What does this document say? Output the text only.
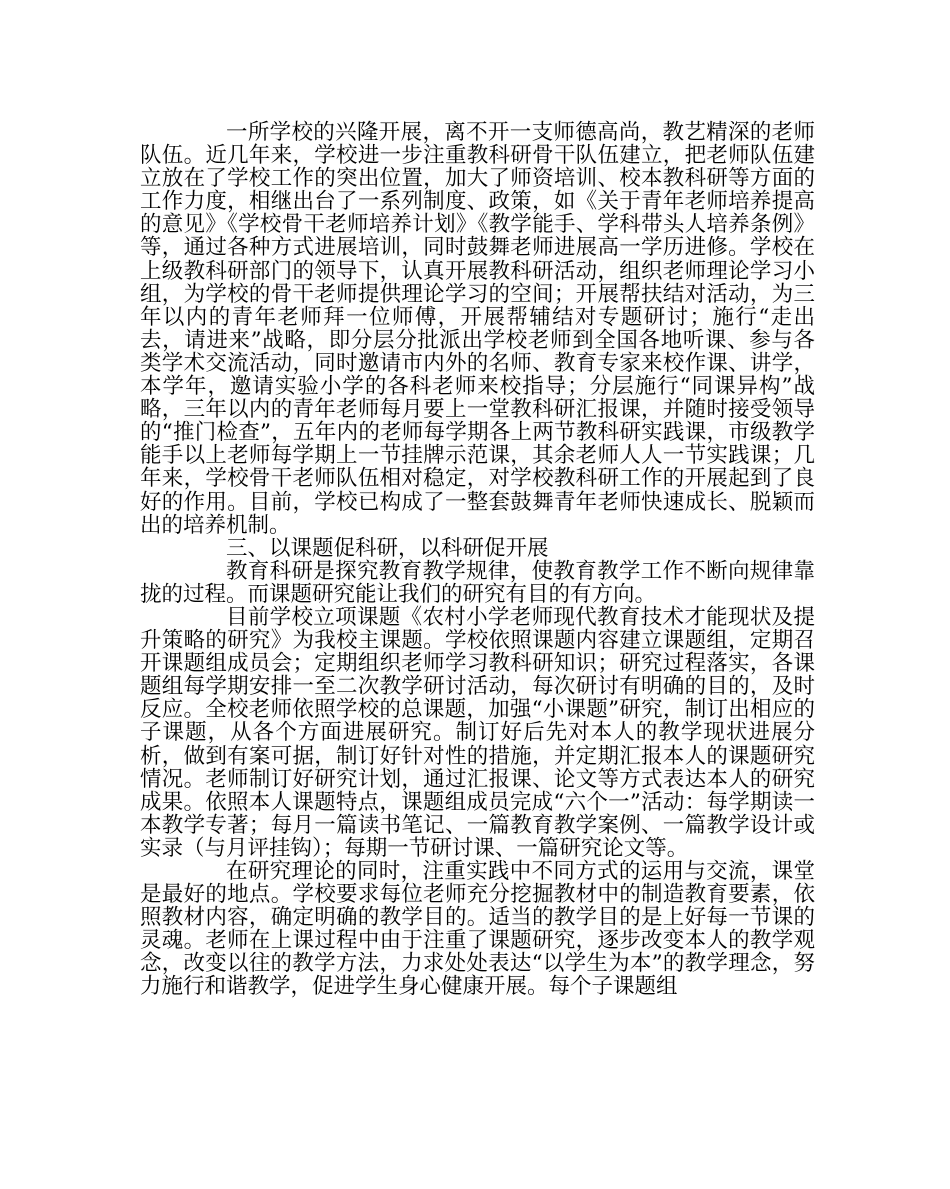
一所学校的兴隆开展，离不开一支师德高尚，教艺精深的老师队伍。近几年来，学校进一步注重教科研骨干队伍建立，把老师队伍建立放在了学校工作的突出位置，加大了师资培训、校本教科研等方面的工作力度，相继出台了一系列制度、政策，如《关于青年老师培养提高的意见》《学校骨干老师培养计划》《教学能手、学科带头人培养条例》等，通过各种方式进展培训，同时鼓舞老师进展高一学历进修。学校在上级教科研部门的领导下，认真开展教科研活动，组织老师理论学习小组，为学校的骨干老师提供理论学习的空间；开展帮扶结对活动，为三年以内的青年老师拜一位师傅，开展帮辅结对专题研讨；施行“走出去，请进来”战略，即分层分批派出学校老师到全国各地听课、参与各类学术交流活动，同时邀请市内外的名师、教育专家来校作课、讲学，本学年，邀请实验小学的各科老师来校指导；分层施行“同课异构”战略，三年以内的青年老师每月要上一堂教科研汇报课，并随时接受领导的“推门检查”，五年内的老师每学期各上两节教科研实践课，市级教学能手以上老师每学期上一节挂牌示范课，其余老师人人一节实践课；几年来，学校骨干老师队伍相对稳定，对学校教科研工作的开展起到了良好的作用。目前，学校已构成了一整套鼓舞青年老师快速成长、脱颖而出的培养机制。

三、以课题促科研，以科研促开展

教育科研是探究教育教学规律，使教育教学工作不断向规律靠拢的过程。而课题研究能让我们的研究有目的有方向。

目前学校立项课题《农村小学老师现代教育技术才能现状及提升策略的研究》为我校主课题。学校依照课题内容建立课题组，定期召开课题组成员会；定期组织老师学习教科研知识；研究过程落实，各课题组每学期安排一至二次教学研讨活动，每次研讨有明确的目的，及时反应。全校老师依照学校的总课题，加强“小课题”研究，制订出相应的子课题，从各个方面进展研究。制订好后先对本人的教学现状进展分析，做到有案可据，制订好针对性的措施，并定期汇报本人的课题研究情况。老师制订好研究计划，通过汇报课、论文等方式表达本人的研究成果。依照本人课题特点，课题组成员完成“六个一”活动：每学期读一本教学专著；每月一篇读书笔记、一篇教育教学案例、一篇教学设计或实录（与月评挂钩）；每期一节研讨课、一篇研究论文等。

在研究理论的同时，注重实践中不同方式的运用与交流，课堂是最好的地点。学校要求每位老师充分挖掘教材中的制造教育要素，依照教材内容，确定明确的教学目的。适当的教学目的是上好每一节课的灵魂。老师在上课过程中由于注重了课题研究，逐步改变本人的教学观念，改变以往的教学方法，力求处处表达“以学生为本”的教学理念，努力施行和谐教学，促进学生身心健康开展。每个子课题组
